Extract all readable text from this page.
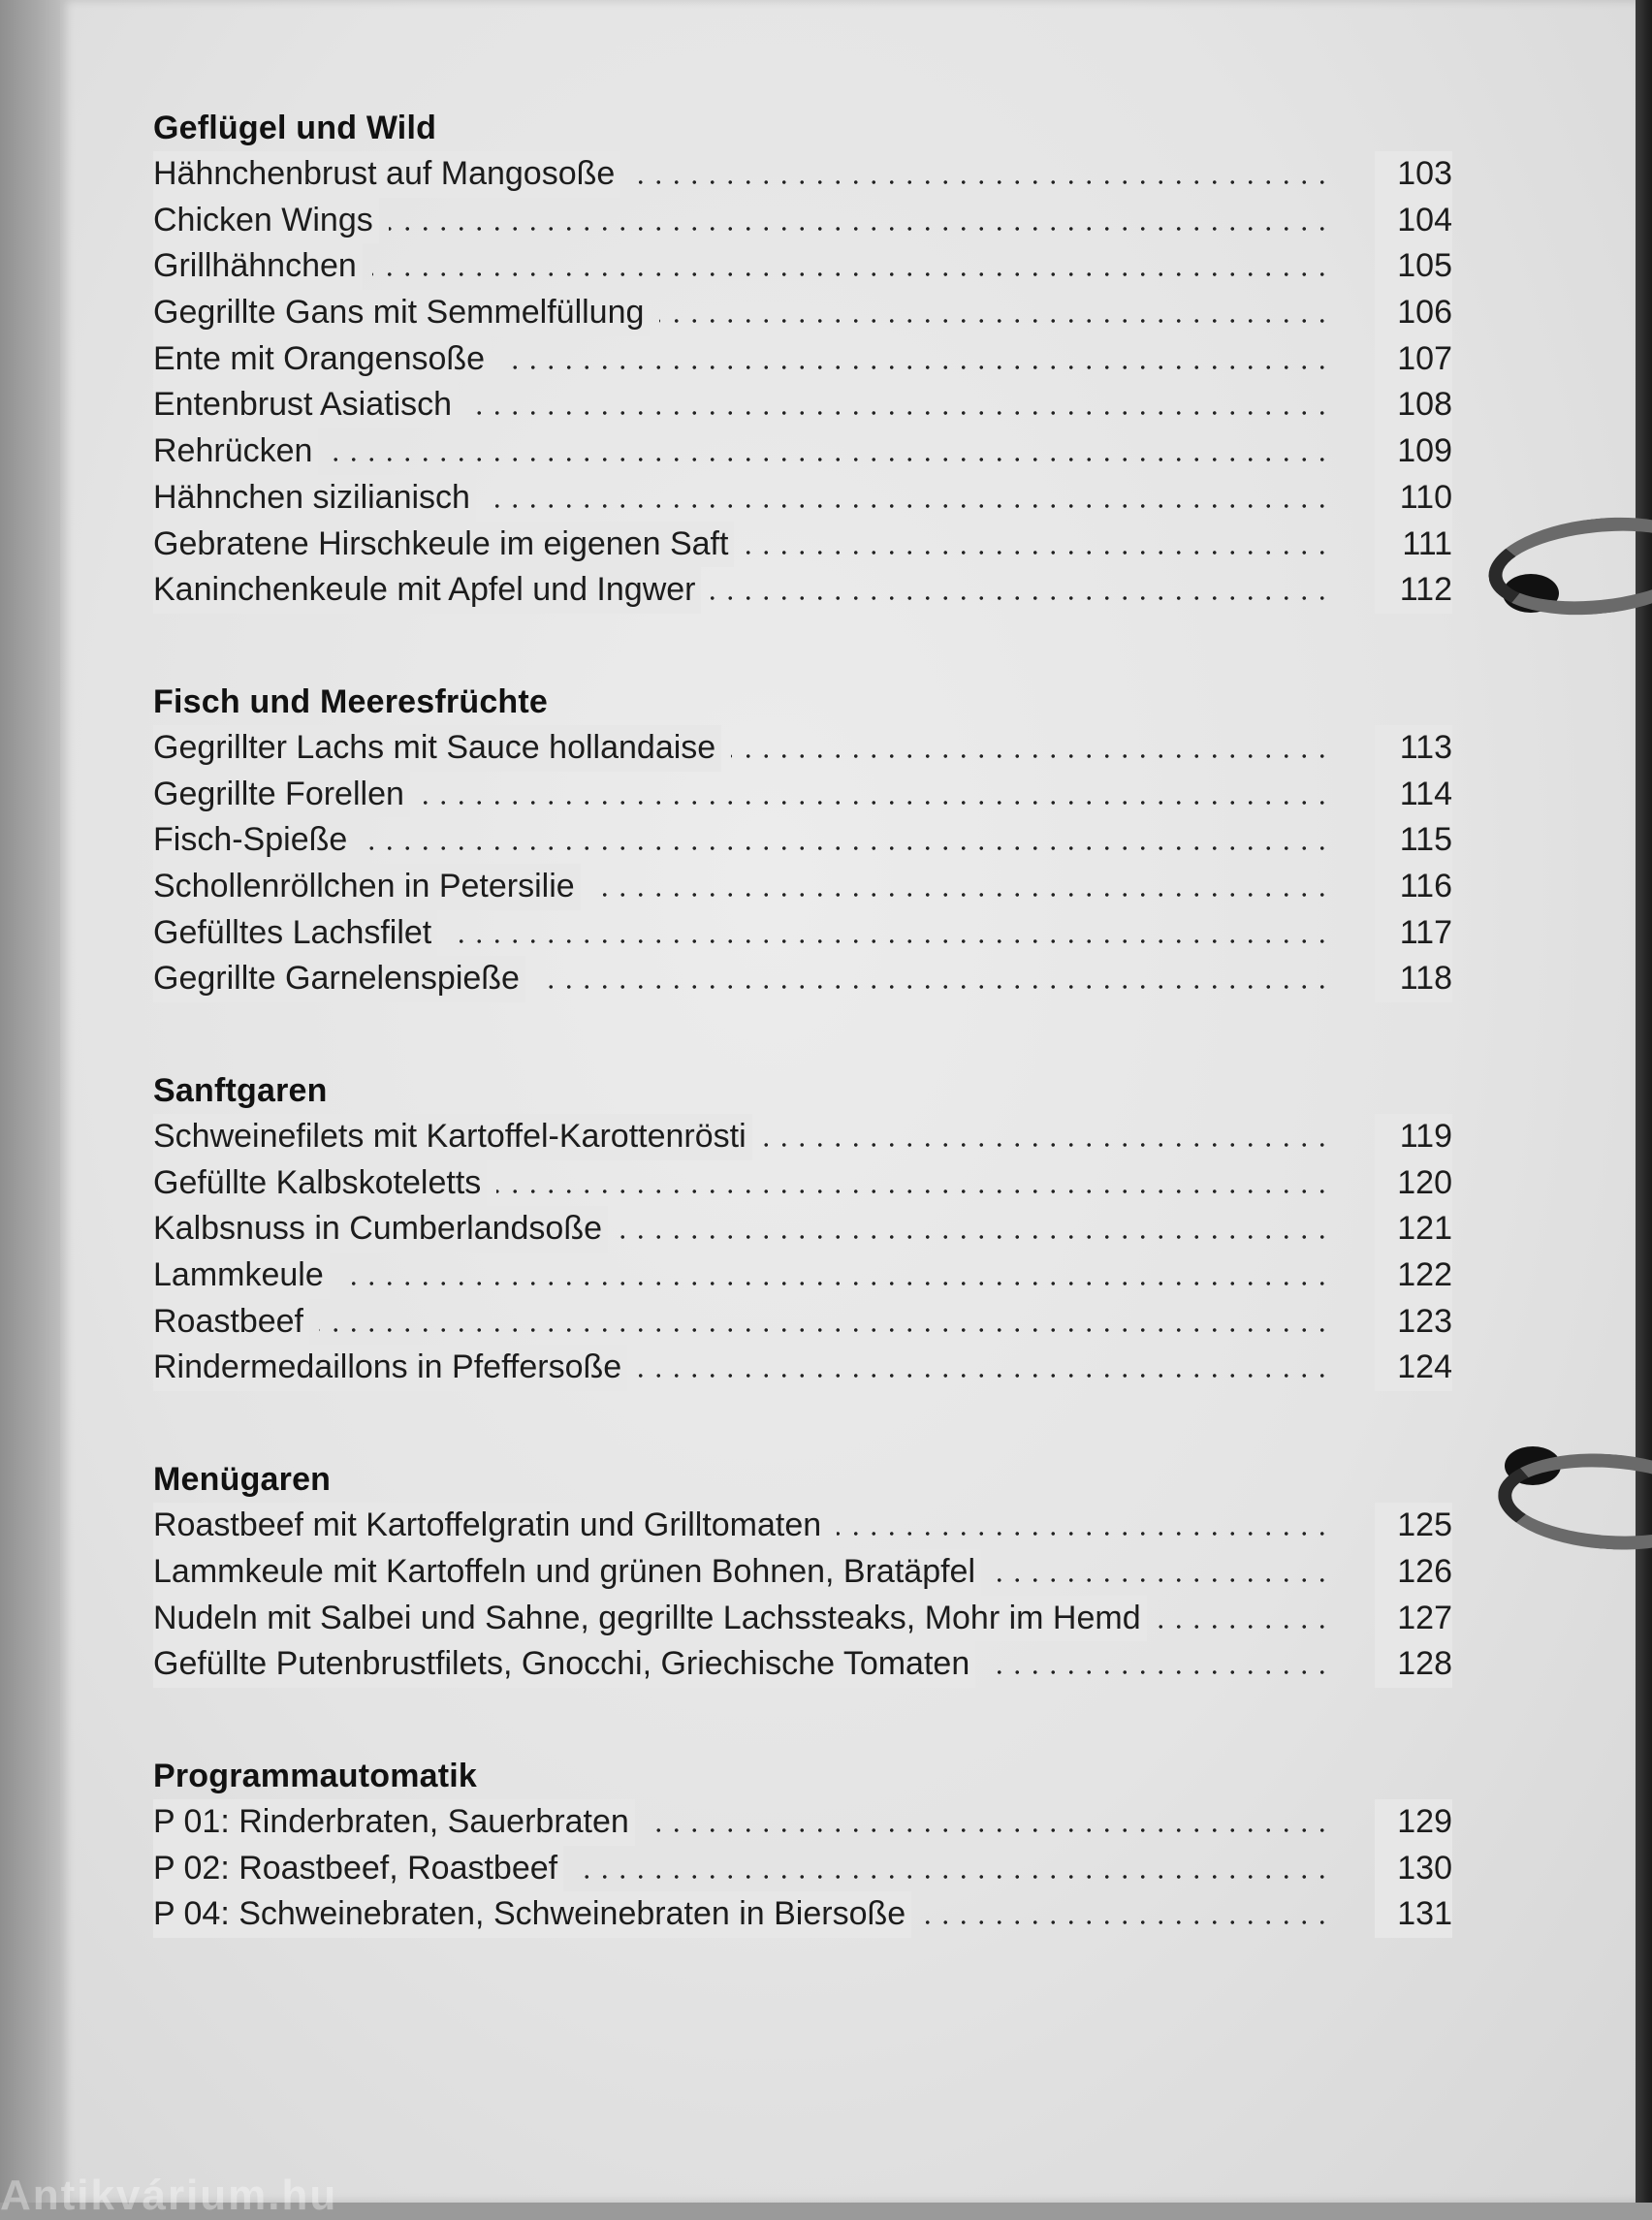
Geflügel und Wild
Hähnchenbrust auf Mangosoße	103
Chicken Wings	104
Grillhähnchen	105
Gegrillte Gans mit Semmelfüllung	106
Ente mit Orangensoße	107
Entenbrust Asiatisch	108
Rehrücken	109
Hähnchen sizilianisch	110
Gebratene Hirschkeule im eigenen Saft	111
Kaninchenkeule mit Apfel und Ingwer	112
Fisch und Meeresfrüchte
Gegrillter Lachs mit Sauce hollandaise	113
Gegrillte Forellen	114
Fisch-Spieße	115
Schollenröllchen in Petersilie	116
Gefülltes Lachsfilet	117
Gegrillte Garnelenspieße	118
Sanftgaren
Schweinefilets mit Kartoffel-Karottenrösti	119
Gefüllte Kalbskoteletts	120
Kalbsnuss in Cumberlandsoße	121
Lammkeule	122
Roastbeef	123
Rindermedaillons in Pfeffersoße	124
Menügaren
Roastbeef mit Kartoffelgratin und Grilltomaten	125
Lammkeule mit Kartoffeln und grünen Bohnen, Bratäpfel	126
Nudeln mit Salbei und Sahne, gegrillte Lachssteaks, Mohr im Hemd	127
Gefüllte Putenbrustfilets, Gnocchi, Griechische Tomaten	128
Programmautomatik
P 01: Rinderbraten, Sauerbraten	129
P 02: Roastbeef, Roastbeef	130
P 04: Schweinebraten, Schweinebraten in Biersoße	131
Antikvárium.hu
